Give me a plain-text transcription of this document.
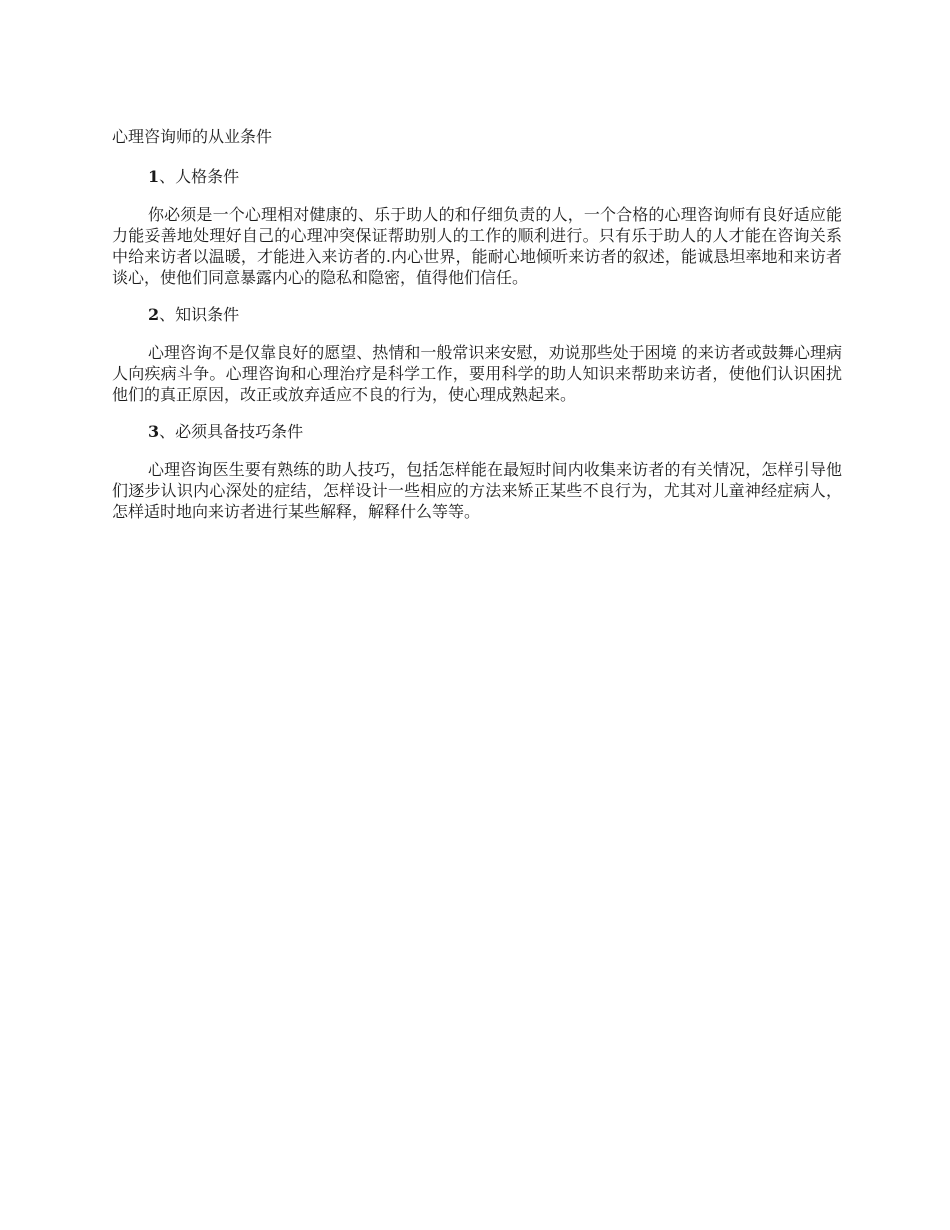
心理咨询师的从业条件

1、人格条件

你必须是一个心理相对健康的、乐于助人的和仔细负责的人，一个合格的心理咨询师有良好适应能力能妥善地处理好自己的心理冲突保证帮助别人的工作的顺利进行。只有乐于助人的人才能在咨询关系中给来访者以温暖，才能进入来访者的.内心世界，能耐心地倾听来访者的叙述，能诚恳坦率地和来访者谈心，使他们同意暴露内心的隐私和隐密，值得他们信任。

2、知识条件

心理咨询不是仅靠良好的愿望、热情和一般常识来安慰，劝说那些处于困境 的来访者或鼓舞心理病人向疾病斗争。心理咨询和心理治疗是科学工作，要用科学的助人知识来帮助来访者，使他们认识困扰他们的真正原因，改正或放弃适应不良的行为，使心理成熟起来。

3、必须具备技巧条件

心理咨询医生要有熟练的助人技巧，包括怎样能在最短时间内收集来访者的有关情况，怎样引导他们逐步认识内心深处的症结，怎样设计一些相应的方法来矫正某些不良行为，尤其对儿童神经症病人，怎样适时地向来访者进行某些解释，解释什么等等。
